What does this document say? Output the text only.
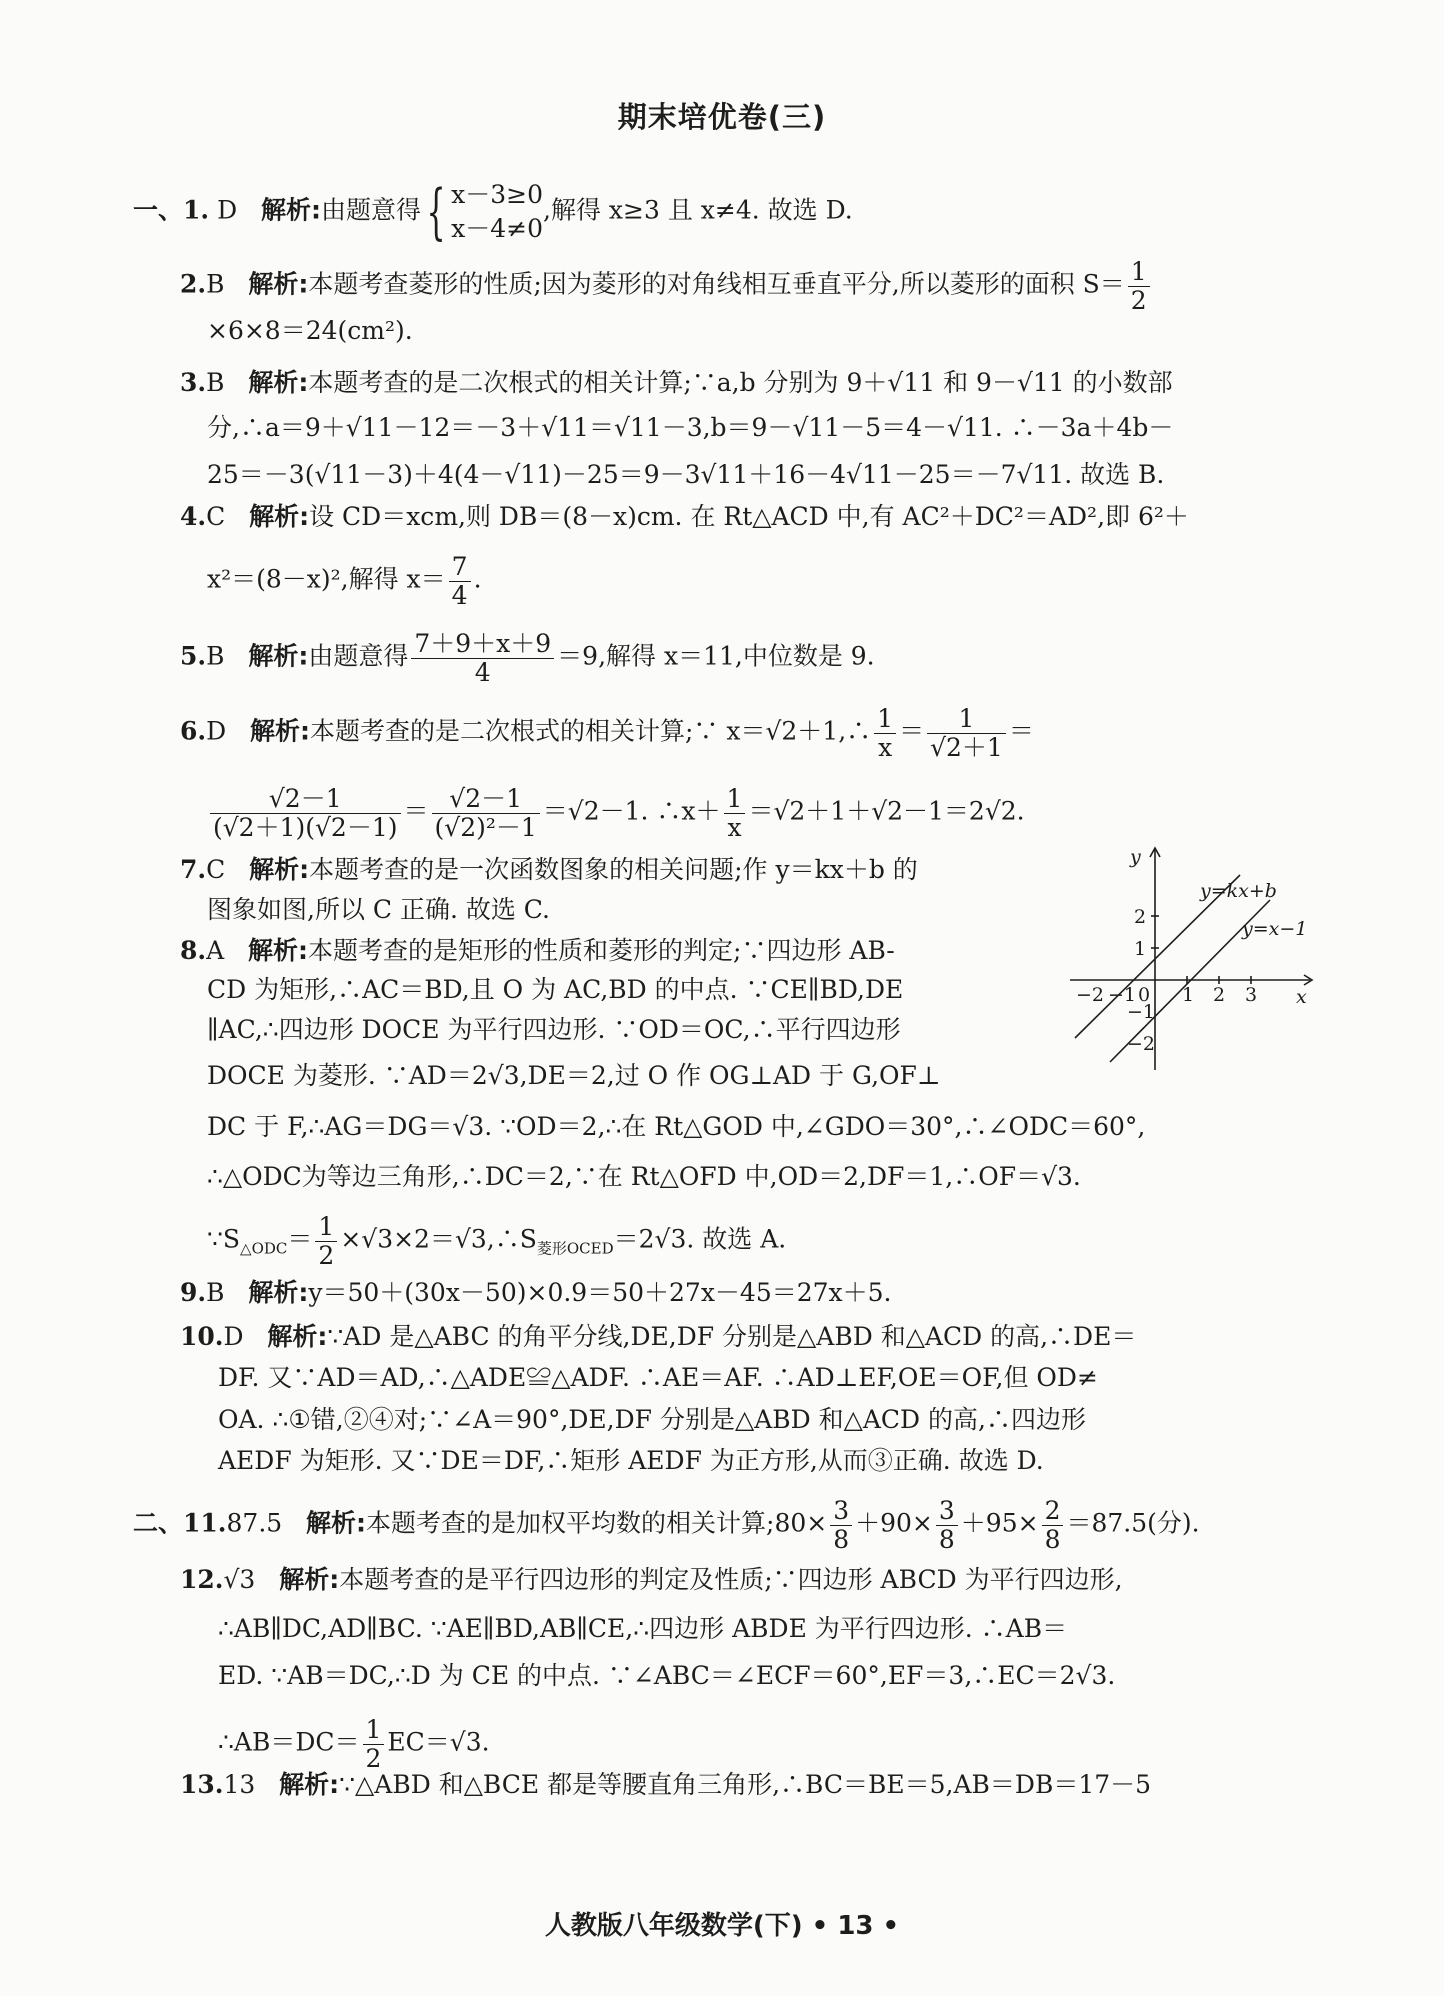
期末培优卷(三)
一、1. D 解析:由题意得{ x－3≥0
x－4≠0
,解得 x≥3 且 x≠4. 故选 D.
2.B 解析:本题考查菱形的性质;因为菱形的对角线相互垂直平分,所以菱形的面积 $S= \frac{1}{2}$
×6×8＝24(cm²).
3.B 解析:本题考查的是二次根式的相关计算;∵a,b 分别为 9＋√11 和 9－√11 的小数部
分,∴a＝9＋√11－12＝－3＋√11＝√11－3,b＝9－√11－5＝4－√11. ∴－3a＋4b－
25＝－3(√11－3)＋4(4－√11)－25＝9－3√11＋16－4√11－25＝－7√11. 故选 B.
4.C 解析:设 CD＝xcm,则 DB＝(8－x)cm. 在 Rt△ACD 中,有 AC²＋DC²＝AD²,即 6²＋
x²＝(8－x)²,解得 $x= \frac{7}{4}$ .
5.B 解析:由题意得 $\frac{7+9+x+9}{4} =9$,解得 x＝11,中位数是 9.
6.D 解析:本题考查的是二次根式的相关计算;∵ x＝√2＋1,∴ $\frac{1}{x} = \frac{1}{√2+1}$ ＝
$\frac{√2-1}{(√2+1)(√2-1)} = \frac{√2-1}{\text{(√2)²－1}} =√2-1$. ∴x＋ $\frac{1}{x} =√2+1+√2-1=2√2$.
7.C 解析:本题考查的是一次函数图象的相关问题;作 y＝kx＋b 的
图象如图,所以 C 正确. 故选 C.
8.A 解析:本题考查的是矩形的性质和菱形的判定;∵四边形 AB-
CD 为矩形,∴AC＝BD,且 O 为 AC,BD 的中点. ∵CE∥BD,DE
∥AC,∴四边形 DOCE 为平行四边形. ∵OD＝OC,∴平行四边形
DOCE 为菱形. ∵AD＝2√3,DE＝2,过 O 作 OG⊥AD 于 G,OF⊥
DC 于 F,∴AG＝DG＝√3. ∵OD＝2,∴在 Rt△GOD 中,∠GDO＝30°,∴∠ODC＝60°,
∴△ODC为等边三角形,∴DC＝2,∵在 Rt△OFD 中,OD＝2,DF＝1,∴OF＝√3.
$\because S_{\triangle ODC}= \frac{1}{2}$ $\times√3\times 2=√3,\therefore S_{菱形OCED}=2√3$. 故选 A.
9.B 解析:y＝50＋(30x－50)×0.9＝50＋27x－45＝27x＋5.
10.D 解析:∵AD 是△ABC 的角平分线,DE,DF 分别是△ABD 和△ACD 的高,∴DE＝
DF. 又∵AD＝AD,∴△ADE≌△ADF. ∴AE＝AF. ∴AD⊥EF,OE＝OF,但 OD≠
OA. ∴①错,②④对;∵∠A＝90°,DE,DF 分别是△ABD 和△ACD 的高,∴四边形
AEDF 为矩形. 又∵DE＝DF,∴矩形 AEDF 为正方形,从而③正确. 故选 D.
二、11.87.5 解析:本题考查的是加权平均数的相关计算;80× $\frac{3}{8} +90\times \frac{3}{8} +95\times \frac{2}{8} =87.5$(分).
12.√3 解析:本题考查的是平行四边形的判定及性质;∵四边形 ABCD 为平行四边形,
∴AB∥DC,AD∥BC. ∵AE∥BD,AB∥CE,∴四边形 ABDE 为平行四边形. ∴AB＝
ED. ∵AB＝DC,∴D 为 CE 的中点. ∵∠ABC＝∠ECF＝60°,EF＝3,∴EC＝2√3.
∴AB＝DC＝ $\frac{1}{2} EC=√3$.
13.13 解析:∵△ABD 和△BCE 都是等腰直角三角形,∴BC＝BE＝5,AB＝DB＝17－5
y
x
y=kx+b
y=x−1
−2 −1 0 1 2 3
2
1
−1
−2
人教版八年级数学(下) • 13 •
